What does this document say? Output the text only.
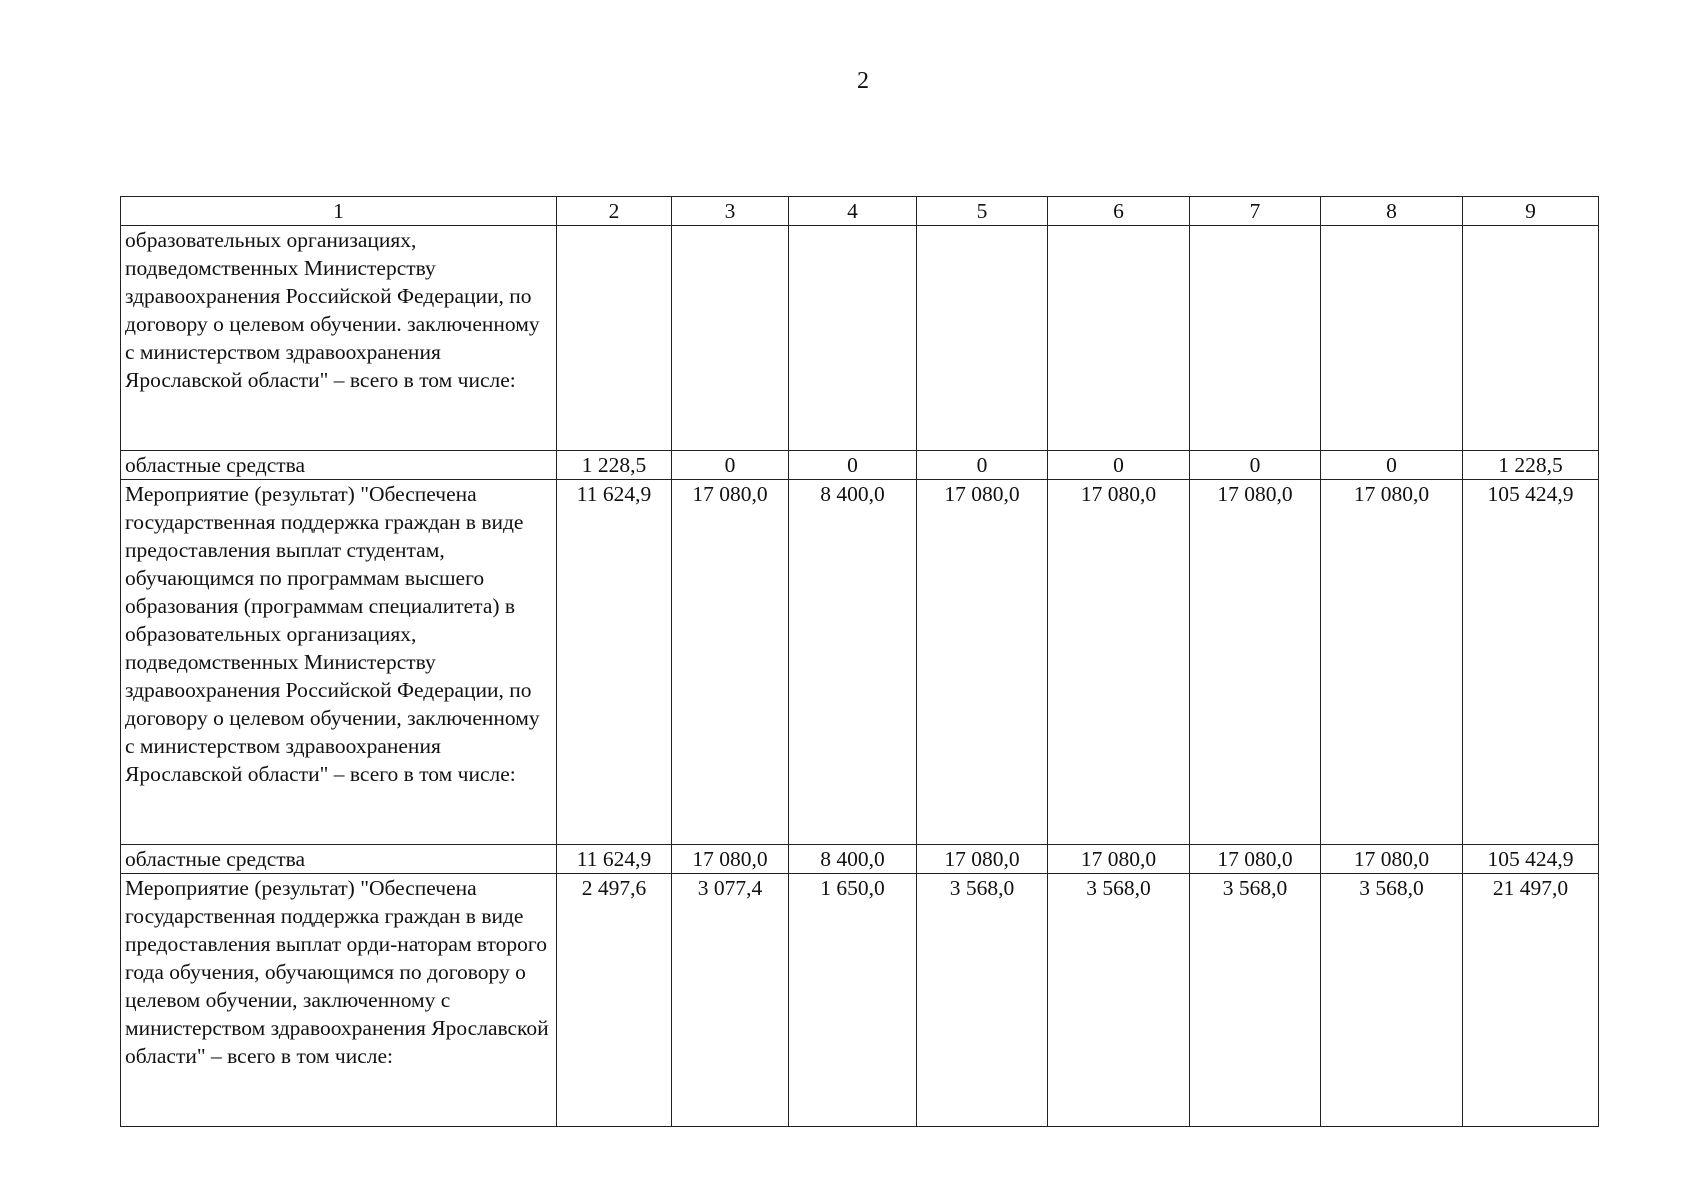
2
1	2	3	4	5	6	7	8	9
образовательных организациях, подведомственных Министерству здравоохранения Российской Федерации, по договору о целевом обучении. заключенному с министерством здравоохранения Ярославской области" – всего в том числе:								
областные средства	1 228,5	0	0	0	0	0	0	1 228,5
Мероприятие (результат) "Обеспечена государственная поддержка граждан в виде предоставления выплат студентам, обучающимся по программам высшего образования (программам специалитета) в образовательных организациях, подведомственных Министерству здравоохранения Российской Федерации, по договору о целевом обучении, заключенному с министерством здравоохранения Ярославской области" – всего в том числе:	11 624,9	17 080,0	8 400,0	17 080,0	17 080,0	17 080,0	17 080,0	105 424,9
областные средства	11 624,9	17 080,0	8 400,0	17 080,0	17 080,0	17 080,0	17 080,0	105 424,9
Мероприятие (результат) "Обеспечена государственная поддержка граждан в виде предоставления выплат орди-наторам второго года обучения, обучающимся по договору о целевом обучении, заключенному с министерством здравоохранения Ярославской области" – всего в том числе:	2 497,6	3 077,4	1 650,0	3 568,0	3 568,0	3 568,0	3 568,0	21 497,0
